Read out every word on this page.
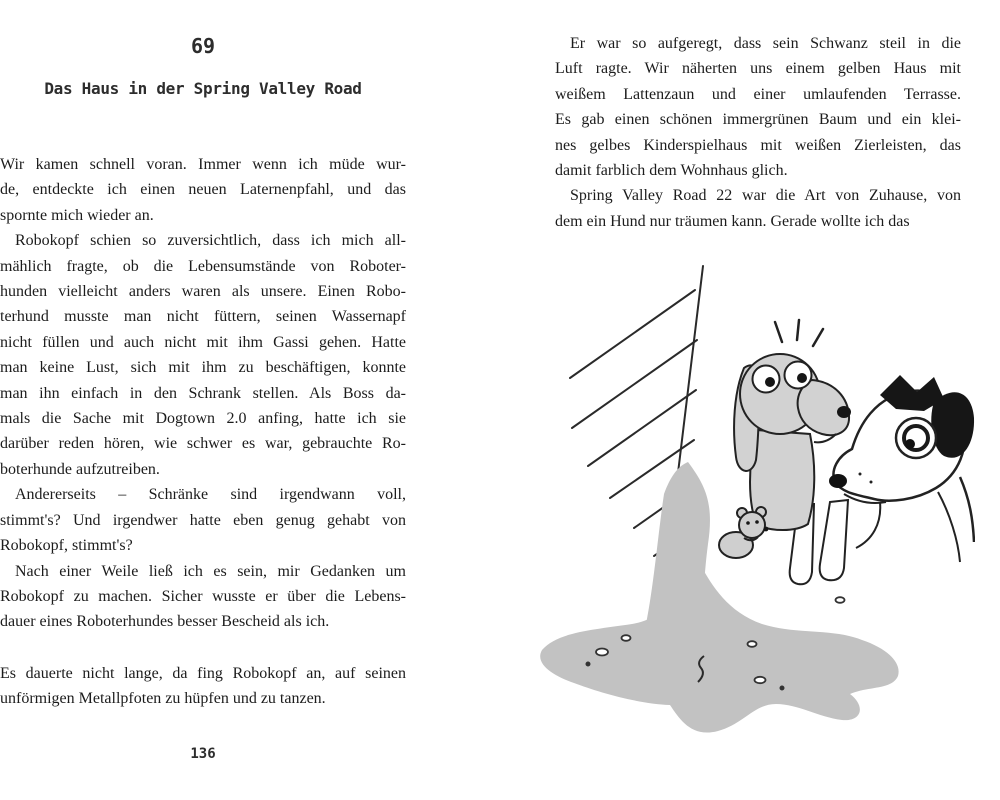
69
Das Haus in der Spring Valley Road
Wir kamen schnell voran. Immer wenn ich müde wur-
de, entdeckte ich einen neuen Laternenpfahl, und das
spornte mich wieder an.
Robokopf schien so zuversichtlich, dass ich mich all-
mählich fragte, ob die Lebensumstände von Roboter-
hunden vielleicht anders waren als unsere. Einen Robo-
terhund musste man nicht füttern, seinen Wassernapf
nicht füllen und auch nicht mit ihm Gassi gehen. Hatte
man keine Lust, sich mit ihm zu beschäftigen, konnte
man ihn einfach in den Schrank stellen. Als Boss da-
mals die Sache mit Dogtown 2.0 anfing, hatte ich sie
darüber reden hören, wie schwer es war, gebrauchte Ro-
boterhunde aufzutreiben.
Andererseits – Schränke sind irgendwann voll,
stimmt's? Und irgendwer hatte eben genug gehabt von
Robokopf, stimmt's?
Nach einer Weile ließ ich es sein, mir Gedanken um
Robokopf zu machen. Sicher wusste er über die Lebens-
dauer eines Roboterhundes besser Bescheid als ich.
Es dauerte nicht lange, da fing Robokopf an, auf seinen
unförmigen Metallpfoten zu hüpfen und zu tanzen.
136
Er war so aufgeregt, dass sein Schwanz steil in die
Luft ragte. Wir näherten uns einem gelben Haus mit
weißem Lattenzaun und einer umlaufenden Terrasse.
Es gab einen schönen immergrünen Baum und ein klei-
nes gelbes Kinderspielhaus mit weißen Zierleisten, das
damit farblich dem Wohnhaus glich.
Spring Valley Road 22 war die Art von Zuhause, von
dem ein Hund nur träumen kann. Gerade wollte ich das
